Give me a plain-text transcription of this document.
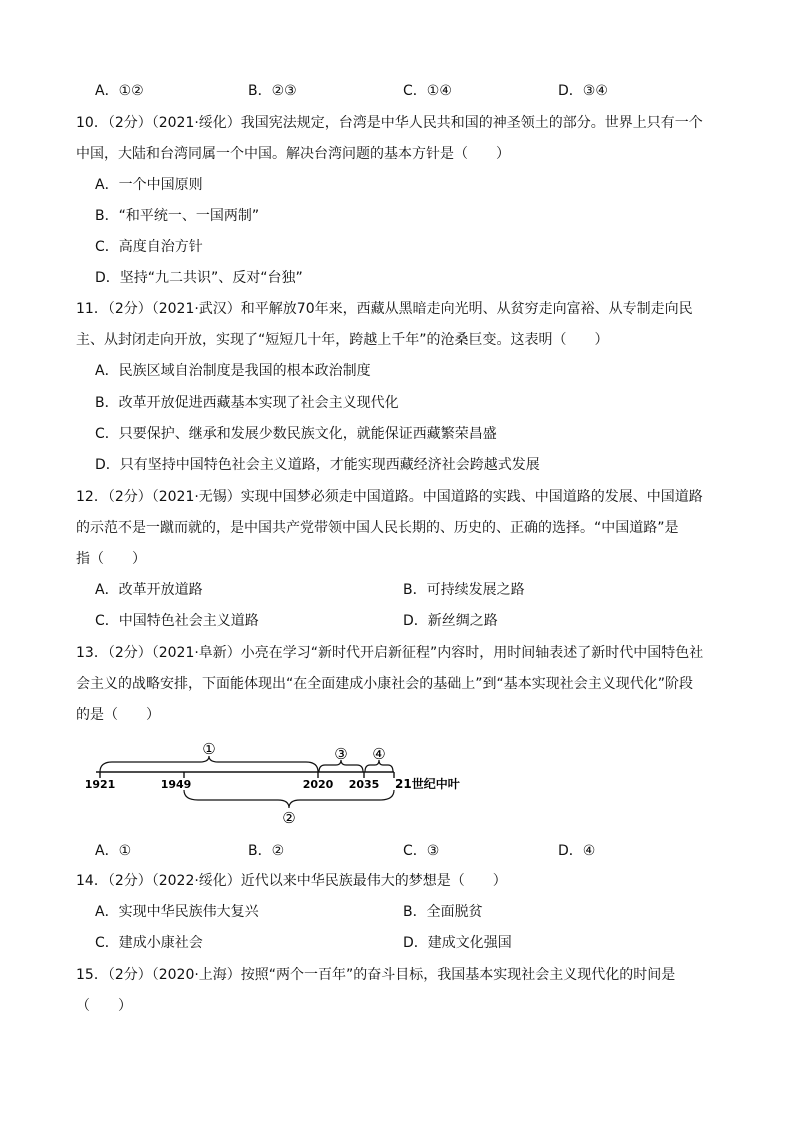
A．①②	B．②③	C．①④	D．③④
10．（2分）（2021·绥化）我国宪法规定，台湾是中华人民共和国的神圣领土的部分。世界上只有一个
中国，大陆和台湾同属一个中国。解决台湾问题的基本方针是（　　）
A．一个中国原则
B．“和平统一、一国两制”
C．高度自治方针
D．坚持“九二共识”、反对“台独”
11．（2分）（2021·武汉）和平解放70年来，西藏从黑暗走向光明、从贫穷走向富裕、从专制走向民
主、从封闭走向开放，实现了“短短几十年，跨越上千年”的沧桑巨变。这表明（　　）
A．民族区域自治制度是我国的根本政治制度
B．改革开放促进西藏基本实现了社会主义现代化
C．只要保护、继承和发展少数民族文化，就能保证西藏繁荣昌盛
D．只有坚持中国特色社会主义道路，才能实现西藏经济社会跨越式发展
12．（2分）（2021·无锡）实现中国梦必须走中国道路。中国道路的实践、中国道路的发展、中国道路
的示范不是一蹴而就的，是中国共产党带领中国人民长期的、历史的、正确的选择。“中国道路”是
指（　　）
A．改革开放道路	B．可持续发展之路
C．中国特色社会主义道路	D．新丝绸之路
13．（2分）（2021·阜新）小亮在学习“新时代开启新征程”内容时，用时间轴表述了新时代中国特色社
会主义的战略安排，下面能体现出“在全面建成小康社会的基础上”到“基本实现社会主义现代化”阶段
的是（　　）
①	③ ④
②
1921	1949	2020 2035 21世纪中叶
A．①	B．②	C．③	D．④
14．（2分）（2022·绥化）近代以来中华民族最伟大的梦想是（　　）
A．实现中华民族伟大复兴	B．全面脱贫
C．建成小康社会	D．建成文化强国
15．（2分）（2020·上海）按照“两个一百年”的奋斗目标，我国基本实现社会主义现代化的时间是
（　　）
